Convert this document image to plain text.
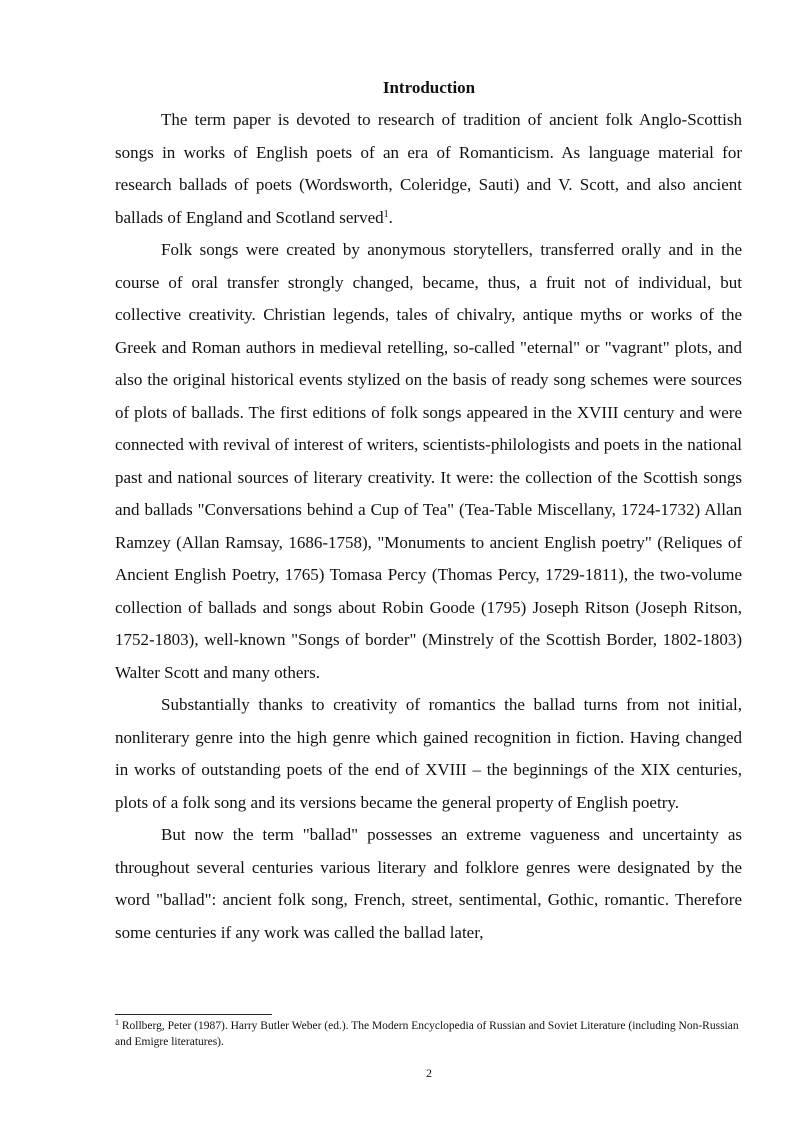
Introduction

The term paper is devoted to research of tradition of ancient folk Anglo-Scottish songs in works of English poets of an era of Romanticism. As language material for research ballads of poets (Wordsworth, Coleridge, Sauti) and V. Scott, and also ancient ballads of England and Scotland served$^1$.

Folk songs were created by anonymous storytellers, transferred orally and in the course of oral transfer strongly changed, became, thus, a fruit not of individual, but collective creativity. Christian legends, tales of chivalry, antique myths or works of the Greek and Roman authors in medieval retelling, so-called "eternal" or "vagrant" plots, and also the original historical events stylized on the basis of ready song schemes were sources of plots of ballads. The first editions of folk songs appeared in the XVIII century and were connected with revival of interest of writers, scientists-philologists and poets in the national past and national sources of literary creativity. It were: the collection of the Scottish songs and ballads "Conversations behind a Cup of Tea" (Tea-Table Miscellany, 1724-1732) Allan Ramzey (Allan Ramsay, 1686-1758), "Monuments to ancient English poetry" (Reliques of Ancient English Poetry, 1765) Tomasa Percy (Thomas Percy, 1729-1811), the two-volume collection of ballads and songs about Robin Goode (1795) Joseph Ritson (Joseph Ritson, 1752-1803), well-known "Songs of border" (Minstrely of the Scottish Border, 1802-1803) Walter Scott and many others.

Substantially thanks to creativity of romantics the ballad turns from not initial, nonliterary genre into the high genre which gained recognition in fiction. Having changed in works of outstanding poets of the end of XVIII – the beginnings of the XIX centuries, plots of a folk song and its versions became the general property of English poetry.

But now the term "ballad" possesses an extreme vagueness and uncertainty as throughout several centuries various literary and folklore genres were designated by the word "ballad": ancient folk song, French, street, sentimental, Gothic, romantic. Therefore some centuries if any work was called the ballad later,

$^1$ Rollberg, Peter (1987). Harry Butler Weber (ed.). The Modern Encyclopedia of Russian and Soviet Literature (including Non-Russian and Emigre literatures).

2
